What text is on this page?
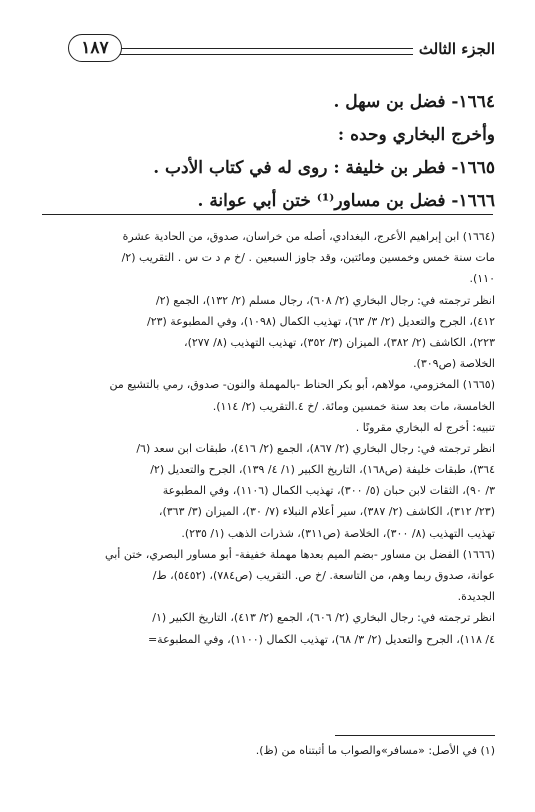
الجزء الثالث
١٨٧
١٦٦٤- فضل بن سهل .
وأخرج البخاري وحده :
١٦٦٥- فطر بن خليفة : روى له في كتاب الأدب .
١٦٦٦- فضل بن مساور⁽¹⁾ ختن أبي عوانة .
(١٦٦٤) ابن إبراهيم الأعرج، البغدادي، أصله من خراسان، صدوق، من الحادية عشرة
مات سنة خمس وخمسين ومائتين، وقد جاوز السبعين . /خ م د ت س . التقريب (٢/
١١٠).
انظر ترجمته في: رجال البخاري (٢/ ٦٠٨)، رجال مسلم (٢/ ١٣٢)، الجمع (٢/
٤١٢)، الجرح والتعديل (٢/ ٣/ ٦٣)، تهذيب الكمال (١٠٩٨)، وفي المطبوعة (٢٣/
٢٢٣)، الكاشف (٢/ ٣٨٢)، الميزان (٣/ ٣٥٢)، تهذيب التهذيب (٨/ ٢٧٧)،
الخلاصة (ص٣٠٩).
(١٦٦٥) المخزومي، مولاهم، أبو بكر الحناط -بالمهملة والنون- صدوق، رمي بالتشيع من
الخامسة، مات بعد سنة خمسين ومائة. /خ ٤.التقريب (٢/ ١١٤).
تنبيه: أخرج له البخاري مقرونًا .
انظر ترجمته في: رجال البخاري (٢/ ٨٦٧)، الجمع (٢/ ٤١٦)، طبقات ابن سعد (٦/
٣٦٤)، طبقات خليفة (ص١٦٨)، التاريخ الكبير (١/ ٤/ ١٣٩)، الجرح والتعديل (٢/
٣/ ٩٠)، الثقات لابن حبان (٥/ ٣٠٠)، تهذيب الكمال (١١٠٦)، وفي المطبوعة
(٢٣/ ٣١٢)، الكاشف (٢/ ٣٨٧)، سير أعلام النبلاء (٧/ ٣٠)، الميزان (٣/ ٣٦٣)،
تهذيب التهذيب (٨/ ٣٠٠)، الخلاصة (ص٣١١)، شذرات الذهب (١/ ٢٣٥).
(١٦٦٦) الفضل بن مساور -بضم الميم بعدها مهملة خفيفة- أبو مساور البصري، ختن أبي
عوانة، صدوق ربما وهم، من التاسعة. /خ ص. التقريب (ص٧٨٤)، (٥٤٥٢)، ط/
الجديدة.
انظر ترجمته في: رجال البخاري (٢/ ٦٠٦)، الجمع (٢/ ٤١٣)، التاريخ الكبير (١/
٤/ ١١٨)، الجرح والتعديل (٢/ ٣/ ٦٨)، تهذيب الكمال (١١٠٠)، وفي المطبوعة=
(١) في الأصل: «مسافر»والصواب ما أثبتناه من (ظ).
